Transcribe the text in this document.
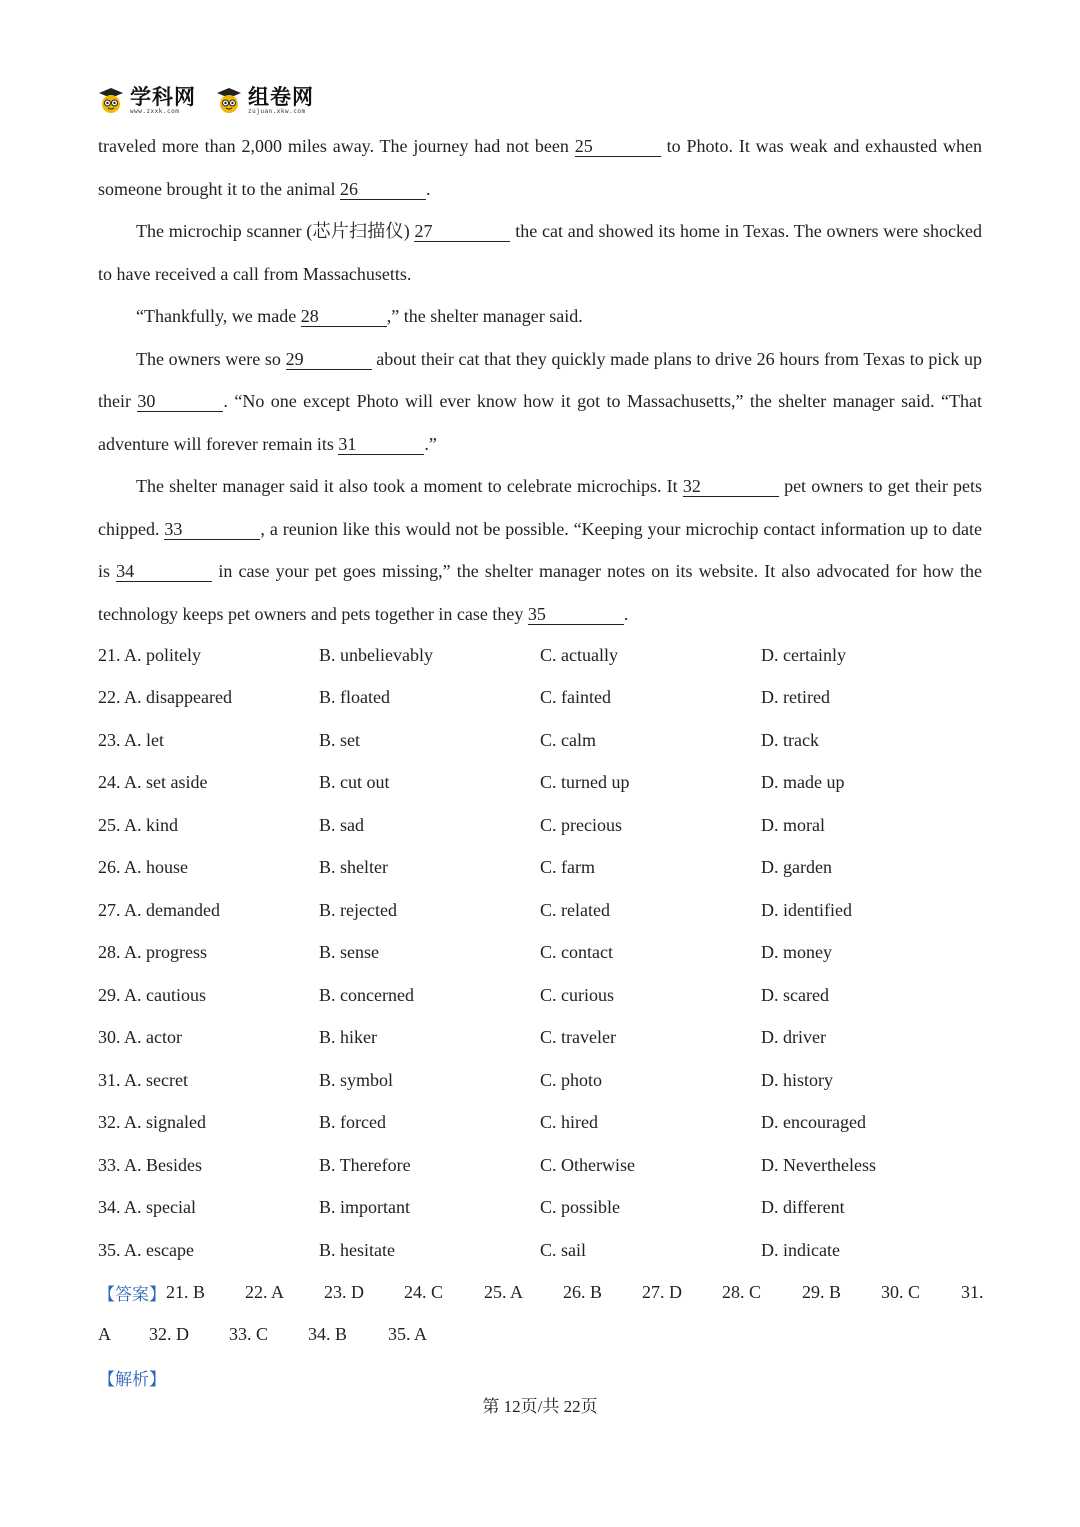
学科网
www.zxxk.com
组卷网
zujuan.xkw.com

traveled more than 2,000 miles away. The journey had not been 25	to Photo. It was weak and exhausted when someone brought it to the animal 26	.

The microchip scanner (芯片扫描仪) 27	the cat and showed its home in Texas. The owners were shocked to have received a call from Massachusetts.

“Thankfully, we made 28	,” the shelter manager said.

The owners were so 29	about their cat that they quickly made plans to drive 26 hours from Texas to pick up their 30	. “No one except Photo will ever know how it got to Massachusetts,” the shelter manager said. “That adventure will forever remain its 31	.”

The shelter manager said it also took a moment to celebrate microchips. It 32	pet owners to get their pets chipped. 33	, a reunion like this would not be possible. “Keeping your microchip contact information up to date is 34	in case your pet goes missing,” the shelter manager notes on its website. It also advocated for how the technology keeps pet owners and pets together in case they 35	.

21. A. politely	B. unbelievably	C. actually	D. certainly
22. A. disappeared	B. floated	C. fainted	D. retired
23. A. let	B. set	C. calm	D. track
24. A. set aside	B. cut out	C. turned up	D. made up
25. A. kind	B. sad	C. precious	D. moral
26. A. house	B. shelter	C. farm	D. garden
27. A. demanded	B. rejected	C. related	D. identified
28. A. progress	B. sense	C. contact	D. money
29. A. cautious	B. concerned	C. curious	D. scared
30. A. actor	B. hiker	C. traveler	D. driver
31. A. secret	B. symbol	C. photo	D. history
32. A. signaled	B. forced	C. hired	D. encouraged
33. A. Besides	B. Therefore	C. Otherwise	D. Nevertheless
34. A. special	B. important	C. possible	D. different
35. A. escape	B. hesitate	C. sail	D. indicate
【答案】 21. B	22. A	23. D	24. C	25. A	26. B	27. D	28. C	29. B	30. C	31.
A	32. D	33. C	34. B	35. A
【解析】
第 12页/共 22页
